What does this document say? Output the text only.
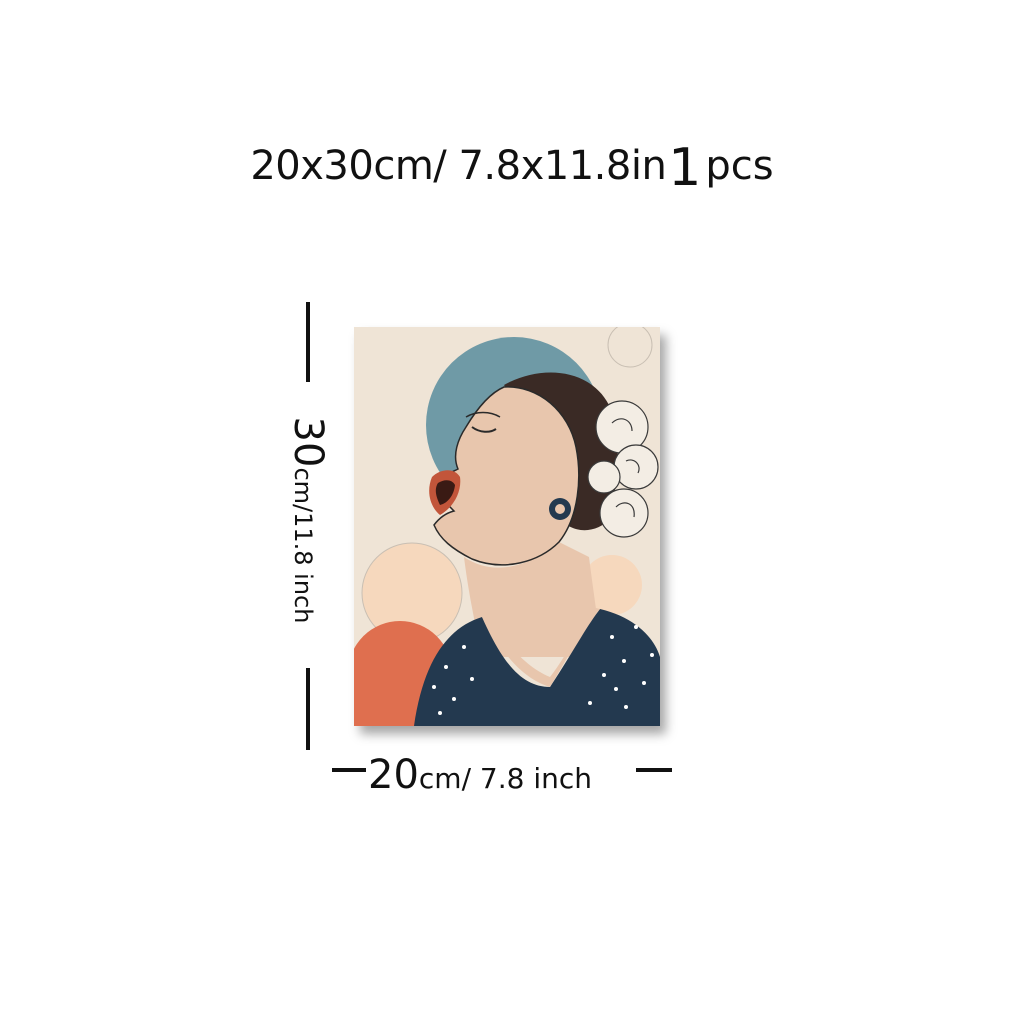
20x30cm/ 7.8x11.8in1 pcs
30cm/11.8 inch
20cm/ 7.8 inch
